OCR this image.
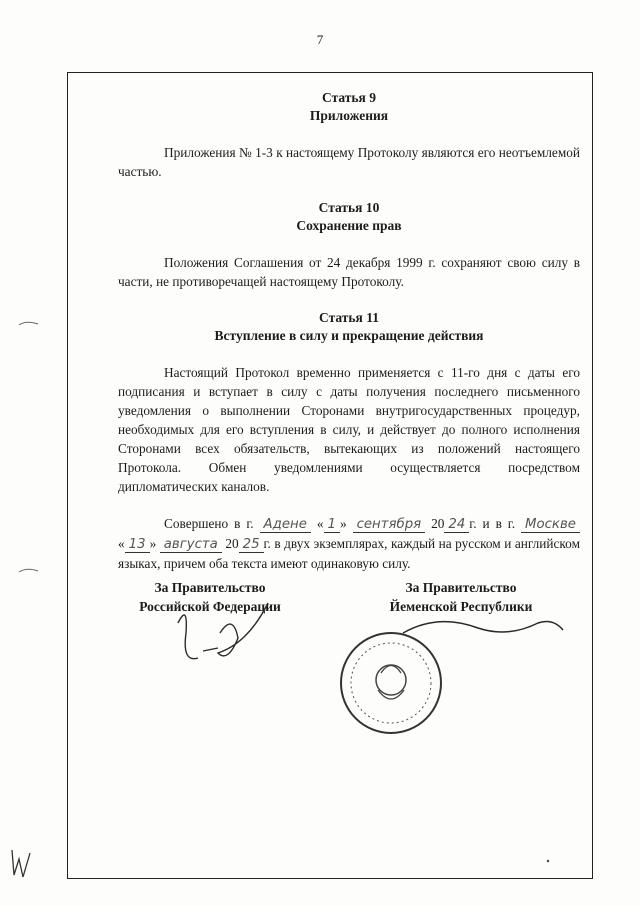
7
Статья 9
Приложения

Приложения № 1-3 к настоящему Протоколу являются его неотъемлемой частью.

Статья 10
Сохранение прав

Положения Соглашения от 24 декабря 1999 г. сохраняют свою силу в части, не противоречащей настоящему Протоколу.

Статья 11
Вступление в силу и прекращение действия

Настоящий Протокол временно применяется с 11-го дня с даты его подписания и вступает в силу с даты получения последнего письменного уведомления о выполнении Сторонами внутригосударственных процедур, необходимых для его вступления в силу, и действует до полного исполнения Сторонами всех обязательств, вытекающих из положений настоящего Протокола. Обмен уведомлениями осуществляется посредством дипломатических каналов.

Совершено в г. Адене « 1 » сентября 20 24 г. и в г. Москве « 13 » августа 20 25 г. в двух экземплярах, каждый на русском и английском языках, причем оба текста имеют одинаковую силу.

За Правительство
Российской Федерации
За Правительство
Йеменской Республики
